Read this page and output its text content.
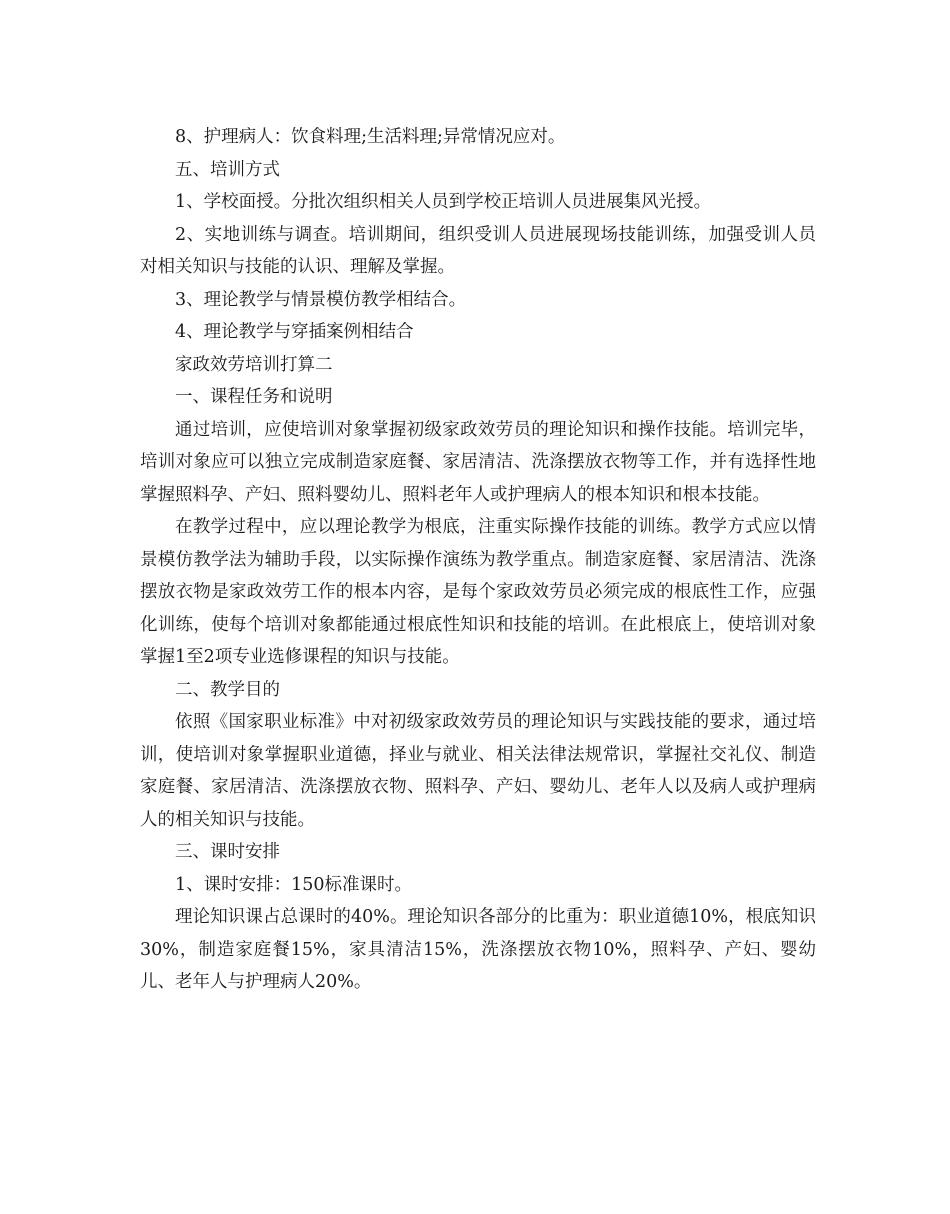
8、护理病人：饮食料理;生活料理;异常情况应对。

五、培训方式

1、学校面授。分批次组织相关人员到学校正培训人员进展集风光授。

2、实地训练与调查。培训期间，组织受训人员进展现场技能训练，加强受训人员对相关知识与技能的认识、理解及掌握。

3、理论教学与情景模仿教学相结合。

4、理论教学与穿插案例相结合

家政效劳培训打算二

一、课程任务和说明

通过培训，应使培训对象掌握初级家政效劳员的理论知识和操作技能。培训完毕，培训对象应可以独立完成制造家庭餐、家居清洁、洗涤摆放衣物等工作，并有选择性地掌握照料孕、产妇、照料婴幼儿、照料老年人或护理病人的根本知识和根本技能。

在教学过程中，应以理论教学为根底，注重实际操作技能的训练。教学方式应以情景模仿教学法为辅助手段，以实际操作演练为教学重点。制造家庭餐、家居清洁、洗涤摆放衣物是家政效劳工作的根本内容，是每个家政效劳员必须完成的根底性工作，应强化训练，使每个培训对象都能通过根底性知识和技能的培训。在此根底上，使培训对象掌握1至2项专业选修课程的知识与技能。

二、教学目的

依照《国家职业标准》中对初级家政效劳员的理论知识与实践技能的要求，通过培训，使培训对象掌握职业道德，择业与就业、相关法律法规常识，掌握社交礼仪、制造家庭餐、家居清洁、洗涤摆放衣物、照料孕、产妇、婴幼儿、老年人以及病人或护理病人的相关知识与技能。

三、课时安排

1、课时安排：150标准课时。

理论知识课占总课时的40%。理论知识各部分的比重为：职业道德10%，根底知识30%，制造家庭餐15%，家具清洁15%，洗涤摆放衣物10%，照料孕、产妇、婴幼儿、老年人与护理病人20%。
